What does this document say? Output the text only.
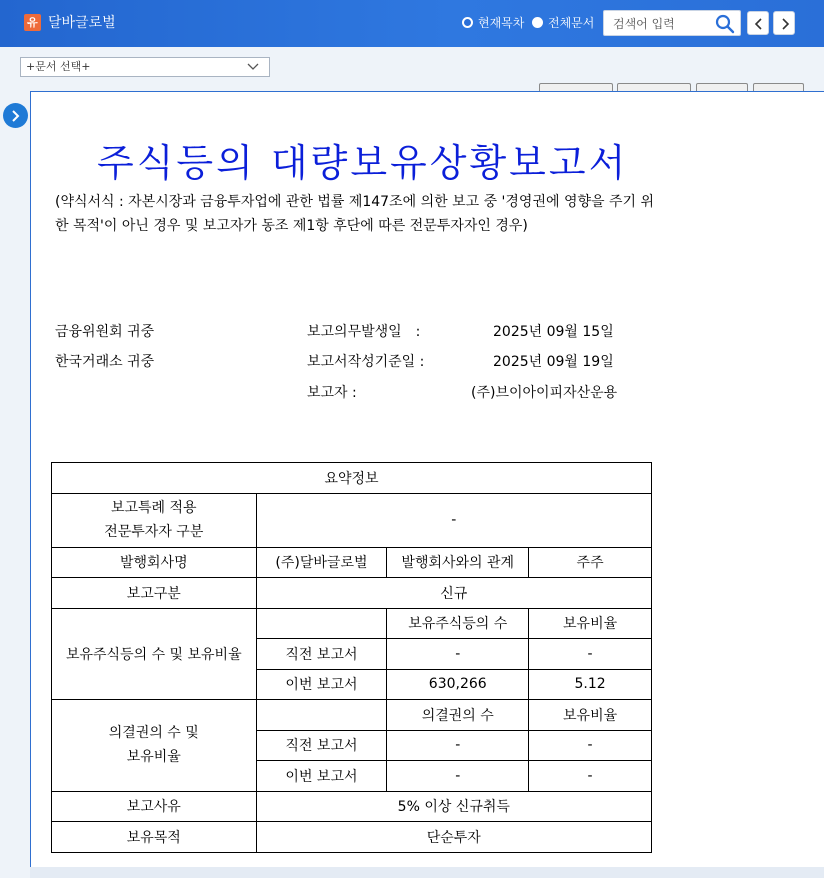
유 달바글로벌	현재목차 전체문서 검색어 입력
+문서 선택+
주식등의 대량보유상황보고서
(약식서식 : 자본시장과 금융투자업에 관한 법률 제147조에 의한 보고 중 '경영권에 영향을 주기 위한 목적'이 아닌 경우 및 보고자가 동조 제1항 후단에 따른 전문투자자인 경우)
금융위원회 귀중
한국거래소 귀중
보고의무발생일　:	2025년 09월 15일
보고서작성기준일 :	2025년 09월 19일
보고자 :	(주)브이아이피자산운용
요약정보			

보고특례 적용
전문투자자 구분	-		
발행회사명	(주)달바글로벌	발행회사와의 관계	주주
보고구분	신규		
보유주식등의 수 및 보유비율		보유주식등의 수	보유비율
	직전 보고서	-	-
	이번 보고서	630,266	5.12

의결권의 수 및
보유비율		의결권의 수	보유비율
	직전 보고서	-	-
	이번 보고서	-	-
보고사유	5% 이상 신규취득		
보유목적	단순투자		
